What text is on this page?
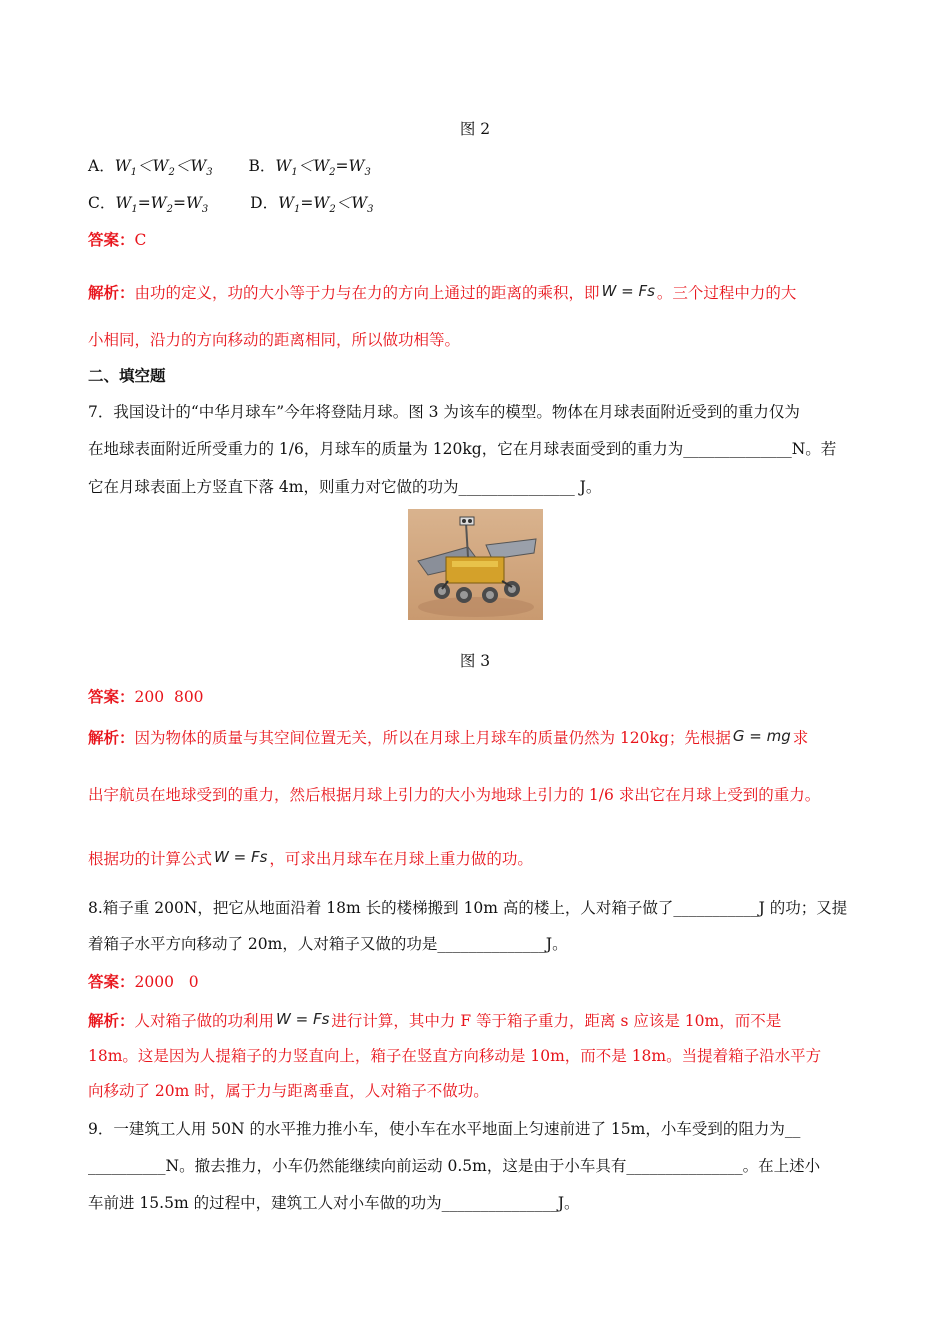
图 2
A．$W_1<W_2<W_3$ B．$W_1<W_2=W_3$
C．$W_1=W_2=W_3$	D．$W_1=W_2<W_3$
答案：C
解析：由功的定义，功的大小等于力与在力的方向上通过的距离的乘积，即 W = Fs 。三个过程中力的大
小相同，沿力的方向移动的距离相同，所以做功相等。
二、填空题
7．我国设计的“中华月球车”今年将登陆月球。图 3 为该车的模型。物体在月球表面附近受到的重力仅为
在地球表面附近所受重力的 1/6，月球车的质量为 120kg，它在月球表面受到的重力为______________N。若
它在月球表面上方竖直下落 4m，则重力对它做的功为_______________ J。
图 3
答案：200  800
解析：因为物体的质量与其空间位置无关，所以在月球上月球车的质量仍然为 120kg；先根据 G = mg 求
出宇航员在地球受到的重力，然后根据月球上引力的大小为地球上引力的 1/6 求出它在月球上受到的重力。
根据功的计算公式 W = Fs ，可求出月球车在月球上重力做的功。
8.箱子重 200N，把它从地面沿着 18m 长的楼梯搬到 10m 高的楼上，人对箱子做了___________J 的功；又提
着箱子水平方向移动了 20m，人对箱子又做的功是______________J。
答案：2000   0
解析：人对箱子做的功利用 W = Fs 进行计算，其中力 F 等于箱子重力，距离 s 应该是 10m，而不是
18m。这是因为人提箱子的力竖直向上，箱子在竖直方向移动是 10m，而不是 18m。当提着箱子沿水平方
向移动了 20m 时，属于力与距离垂直，人对箱子不做功。
9．一建筑工人用 50N 的水平推力推小车，使小车在水平地面上匀速前进了 15m，小车受到的阻力为__
__________N。撤去推力，小车仍然能继续向前运动 0.5m，这是由于小车具有_______________。在上述小
车前进 15.5m 的过程中，建筑工人对小车做的功为_______________J。
